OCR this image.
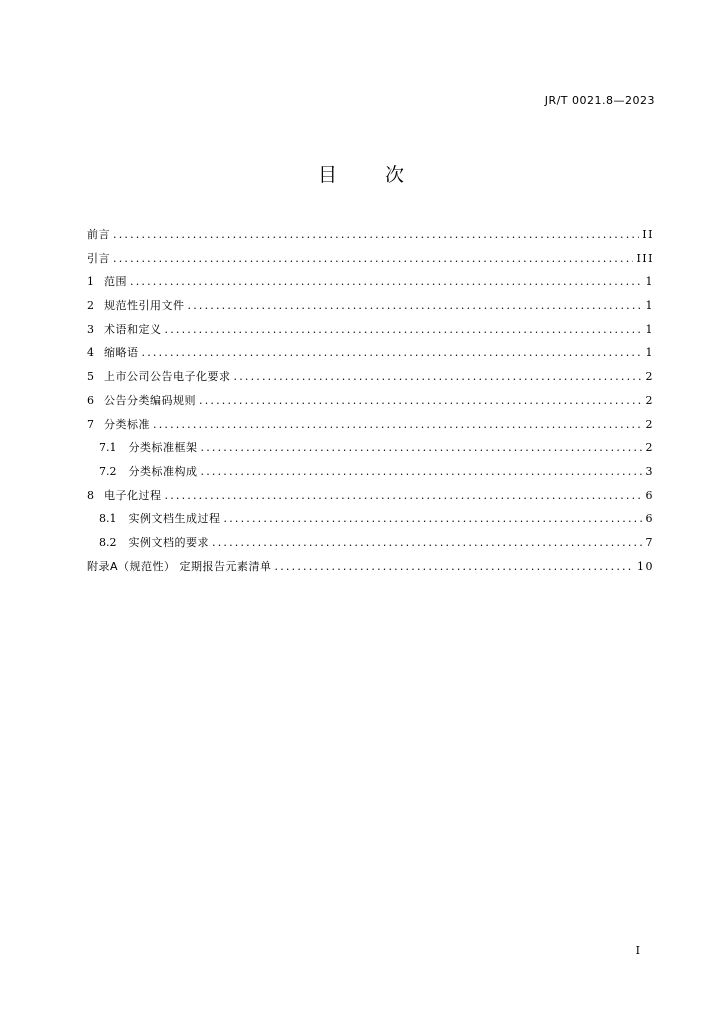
JR/T 0021.8—2023
目 次
前言 .....	II
引言 .....	III
1 范围 .....	1
2 规范性引用文件 .....	1
3 术语和定义 .....	1
4 缩略语 .....	1
5 上市公司公告电子化要求 .....	2
6 公告分类编码规则 .....	2
7 分类标准 .....	2
7.1 分类标准框架 .....	2
7.2 分类标准构成 .....	3
8 电子化过程 .....	6
8.1 实例文档生成过程 .....	6
8.2 实例文档的要求 .....	7
附录A（规范性） 定期报告元素清单 .....	10
I
